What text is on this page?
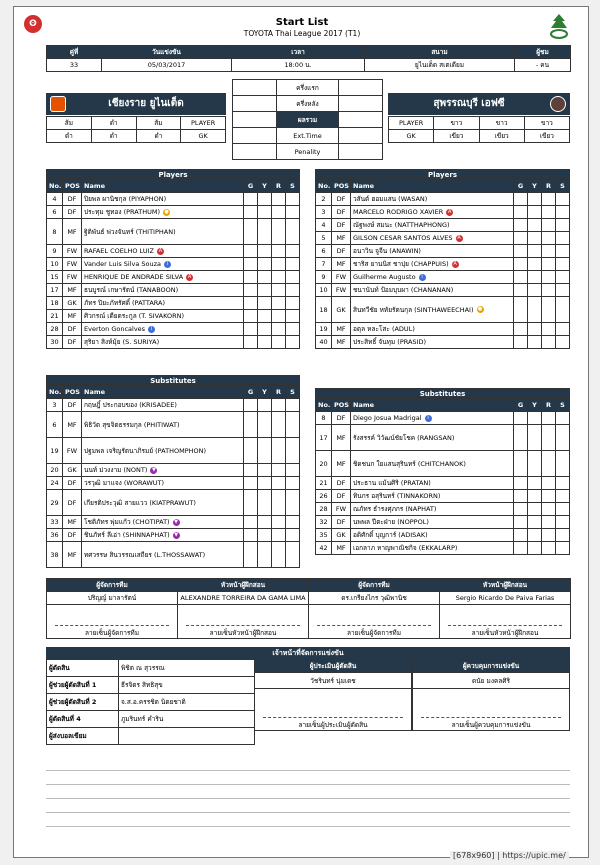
ʘ	Start List
TOYOTA Thai League 2017 (T1)
คู่ที่	วันแข่งขัน	เวลา	สนาม	ผู้ชม
33	05/03/2017	18:00 น.	ยูไนเต็ด สเตเดียม	- คน
เชียงราย ยูไนเต็ด
ส้ม	ดำ	ส้ม	PLAYER
ดำ	ดำ	ดำ	GK
	ครึ่งแรก	
	ครึ่งหลัง	
	ผลรวม	
	Ext.Time	
	Penality	
สุพรรณบุรี เอฟซี
PLAYER	ขาว	ขาว	ขาว
GK	เขียว	เขียว	เขียว
Players
No.	POS	Name	G	Y	R	S
4	DF	ปิยพล ผานิชกุล (PIYAPHON)				
6	DF	ประทุม ชูทอง (PRATHUM) ●				
8	MF	ฐิติพันธ์ พ่วงจันทร์ (THITIPHAN)				
9	FW	RAFAEL COELHO LUIZ A				
10	FW	Vander Luis Silva Souza i				
15	FW	HENRIQUE DE ANDRADE SILVA A				
17	MF	ธนบูรณ์ เกษารัตน์ (TANABOON)				
18	GK	ภัทร ปิยะภัทรัศดิ์ (PATTARA)				
21	MF	ศิวกรณ์ เตียตระกูล (T. SIVAKORN)				
28	DF	Everton Goncalves i				
30	DF	สุริยา สิงห์มุ้ย (S. SURIYA)				
Substitutes
No.	POS	Name	G	Y	R	S
3	DF	กฤษฎิ์ ประกอบของ (KRISADEE)				
6	MF	พิธิวัต สุขจิตธรรมกุล (PHITIWAT)				
19	FW	ปฐมพล เจริญรัตนาภิรมย์ (PATHOMPHON)				
20	GK	นนท์ ม่วงงาม (NONT) ▼				
24	DF	วรวุฒิ มาแจง (WORAWUT)				
29	DF	เกียรติประวุฒิ สายแวว (KIATPRAWUT)				
33	MF	โชติภัทร พุ่มแก้ว (CHOTIPAT) ▼				
36	DF	ชินภัทร์ ลีเอ่า (SHINNAPHAT) ▼				
38	MF	ทศวรรษ สินวรรณเสถียร (L.THOSSAWAT)				
Players
No.	POS	Name	G	Y	R	S
2	DF	วสันต์ ฮอมแสน (WASAN)				
3	DF	MARCELO RODRIGO XAVIER A				
4	DF	ณัฐพงษ์ สมนะ (NATTHAPHONG)				
5	MF	GILSON CESAR SANTOS ALVES A				
6	DF	อนาวิน จูจีน (ANAWIN)				
7	MF	ชาริส ยานนิส ชาปุย (CHAPPUIS) A				
9	FW	Guilherme Augusto i				
10	FW	ชนานันท์ ป้อมบุบผา (CHANANAN)				
18	GK	สินทวีชัย หทัยรัตนกุล (SINTHAWEECHAI) ●				
19	MF	อดุล หละโสะ (ADUL)				
40	MF	ประสิทธิ์ จันทุม (PRASID)				
Substitutes
No.	POS	Name	G	Y	R	S
8	DF	Diego Josua Madrigal i				
17	MF	รังสรรค์ วิวัฒน์ชัยโชค (RANGSAN)				
20	MF	ชิดชนก ใยแสนสุรินทร์ (CHITCHANOK)				
21	DF	ประธาน แม้นศิริ (PRATAN)				
26	DF	ทินกร อสุรินทร์ (TINNAKORN)				
28	FW	ณภัทร ธำรงศุภกร (NAPHAT)				
32	DF	นพพล ปีตะฝ่าย (NOPPOL)				
35	GK	อดิศักดิ์ บุญการ์ (ADISAK)				
42	MF	เอกลาภ หาญพาณิชกิจ (EKKALARP)				
ผู้จัดการทีม	หัวหน้าผู้ฝึกสอน	ผู้จัดการทีม	หัวหน้าผู้ฝึกสอน
ปริญญ์ มาลารัตน์	ALEXANDRE TORREIRA DA GAMA LIMA	ดร.เกรียงไกร วุฒิพานิช	Sergio Ricardo De Paiva Farias

ลายเซ็นผู้จัดการทีม	ลายเซ็นหัวหน้าผู้ฝึกสอน	ลายเซ็นผู้จัดการทีม	ลายเซ็นหัวหน้าผู้ฝึกสอน
เจ้าหน้าที่จัดการแข่งขัน
ผู้ตัดสิน	พิชิต ณ สุวรรณ
ผู้ช่วยผู้ตัดสินที่ 1	ธีรจิตร สิทธิสุข
ผู้ช่วยผู้ตัดสินที่ 2	จ.ส.อ.ครรชิต นิตยชาติ
ผู้ตัดสินที่ 4	ภูมรินทร์ คำริน
ผู้ส่งบอลเขียม	
ผู้ประเมินผู้ตัดสิน
วัชรินทร์ นุ่มเดช

ลายเซ็นผู้ประเมินผู้ตัดสิน
ผู้ควบคุมการแข่งขัน
ดนัย มงคลศิริ

ลายเซ็นผู้ควบคุมการแข่งขัน
[678x960] | https://upic.me/
